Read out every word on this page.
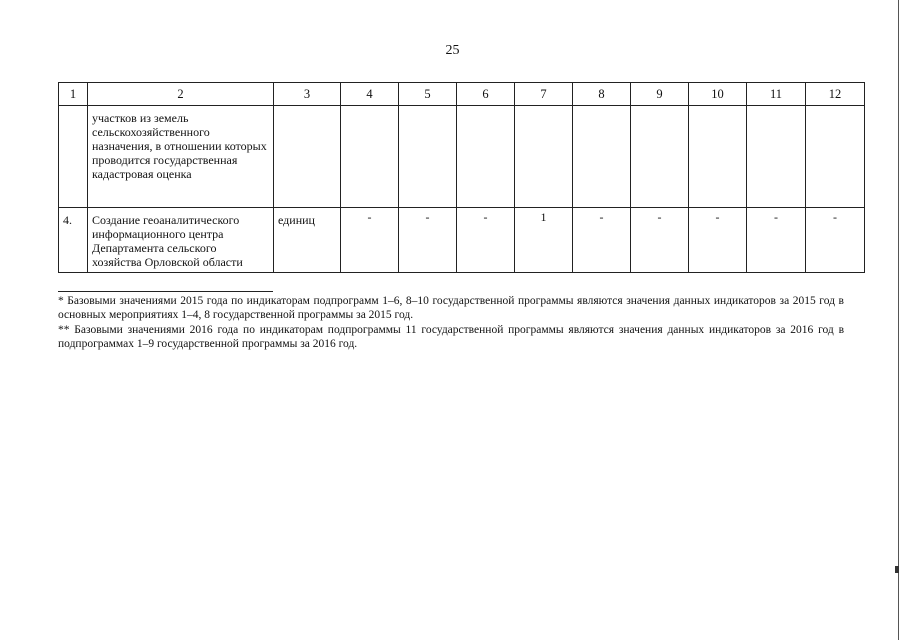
25
1	2	3	4	5	6	7	8	9	10	11	12

	участков из земель сельскохозяйственного назначения, в отношении которых проводится государственная кадастровая оценка										

4.	Создание геоаналитического информационного центра Департамента сельского хозяйства Орловской области	единиц	-	-	-	1	-	-	-	-	-

* Базовыми значениями 2015 года по индикаторам подпрограмм 1–6, 8–10 государственной программы являются значения данных индикаторов за 2015 год в основных мероприятиях 1–4, 8 государственной программы за 2015 год.

** Базовыми значениями 2016 года по индикаторам подпрограммы 11 государственной программы являются значения данных индикаторов за 2016 год в подпрограммах 1–9 государственной программы за 2016 год.
